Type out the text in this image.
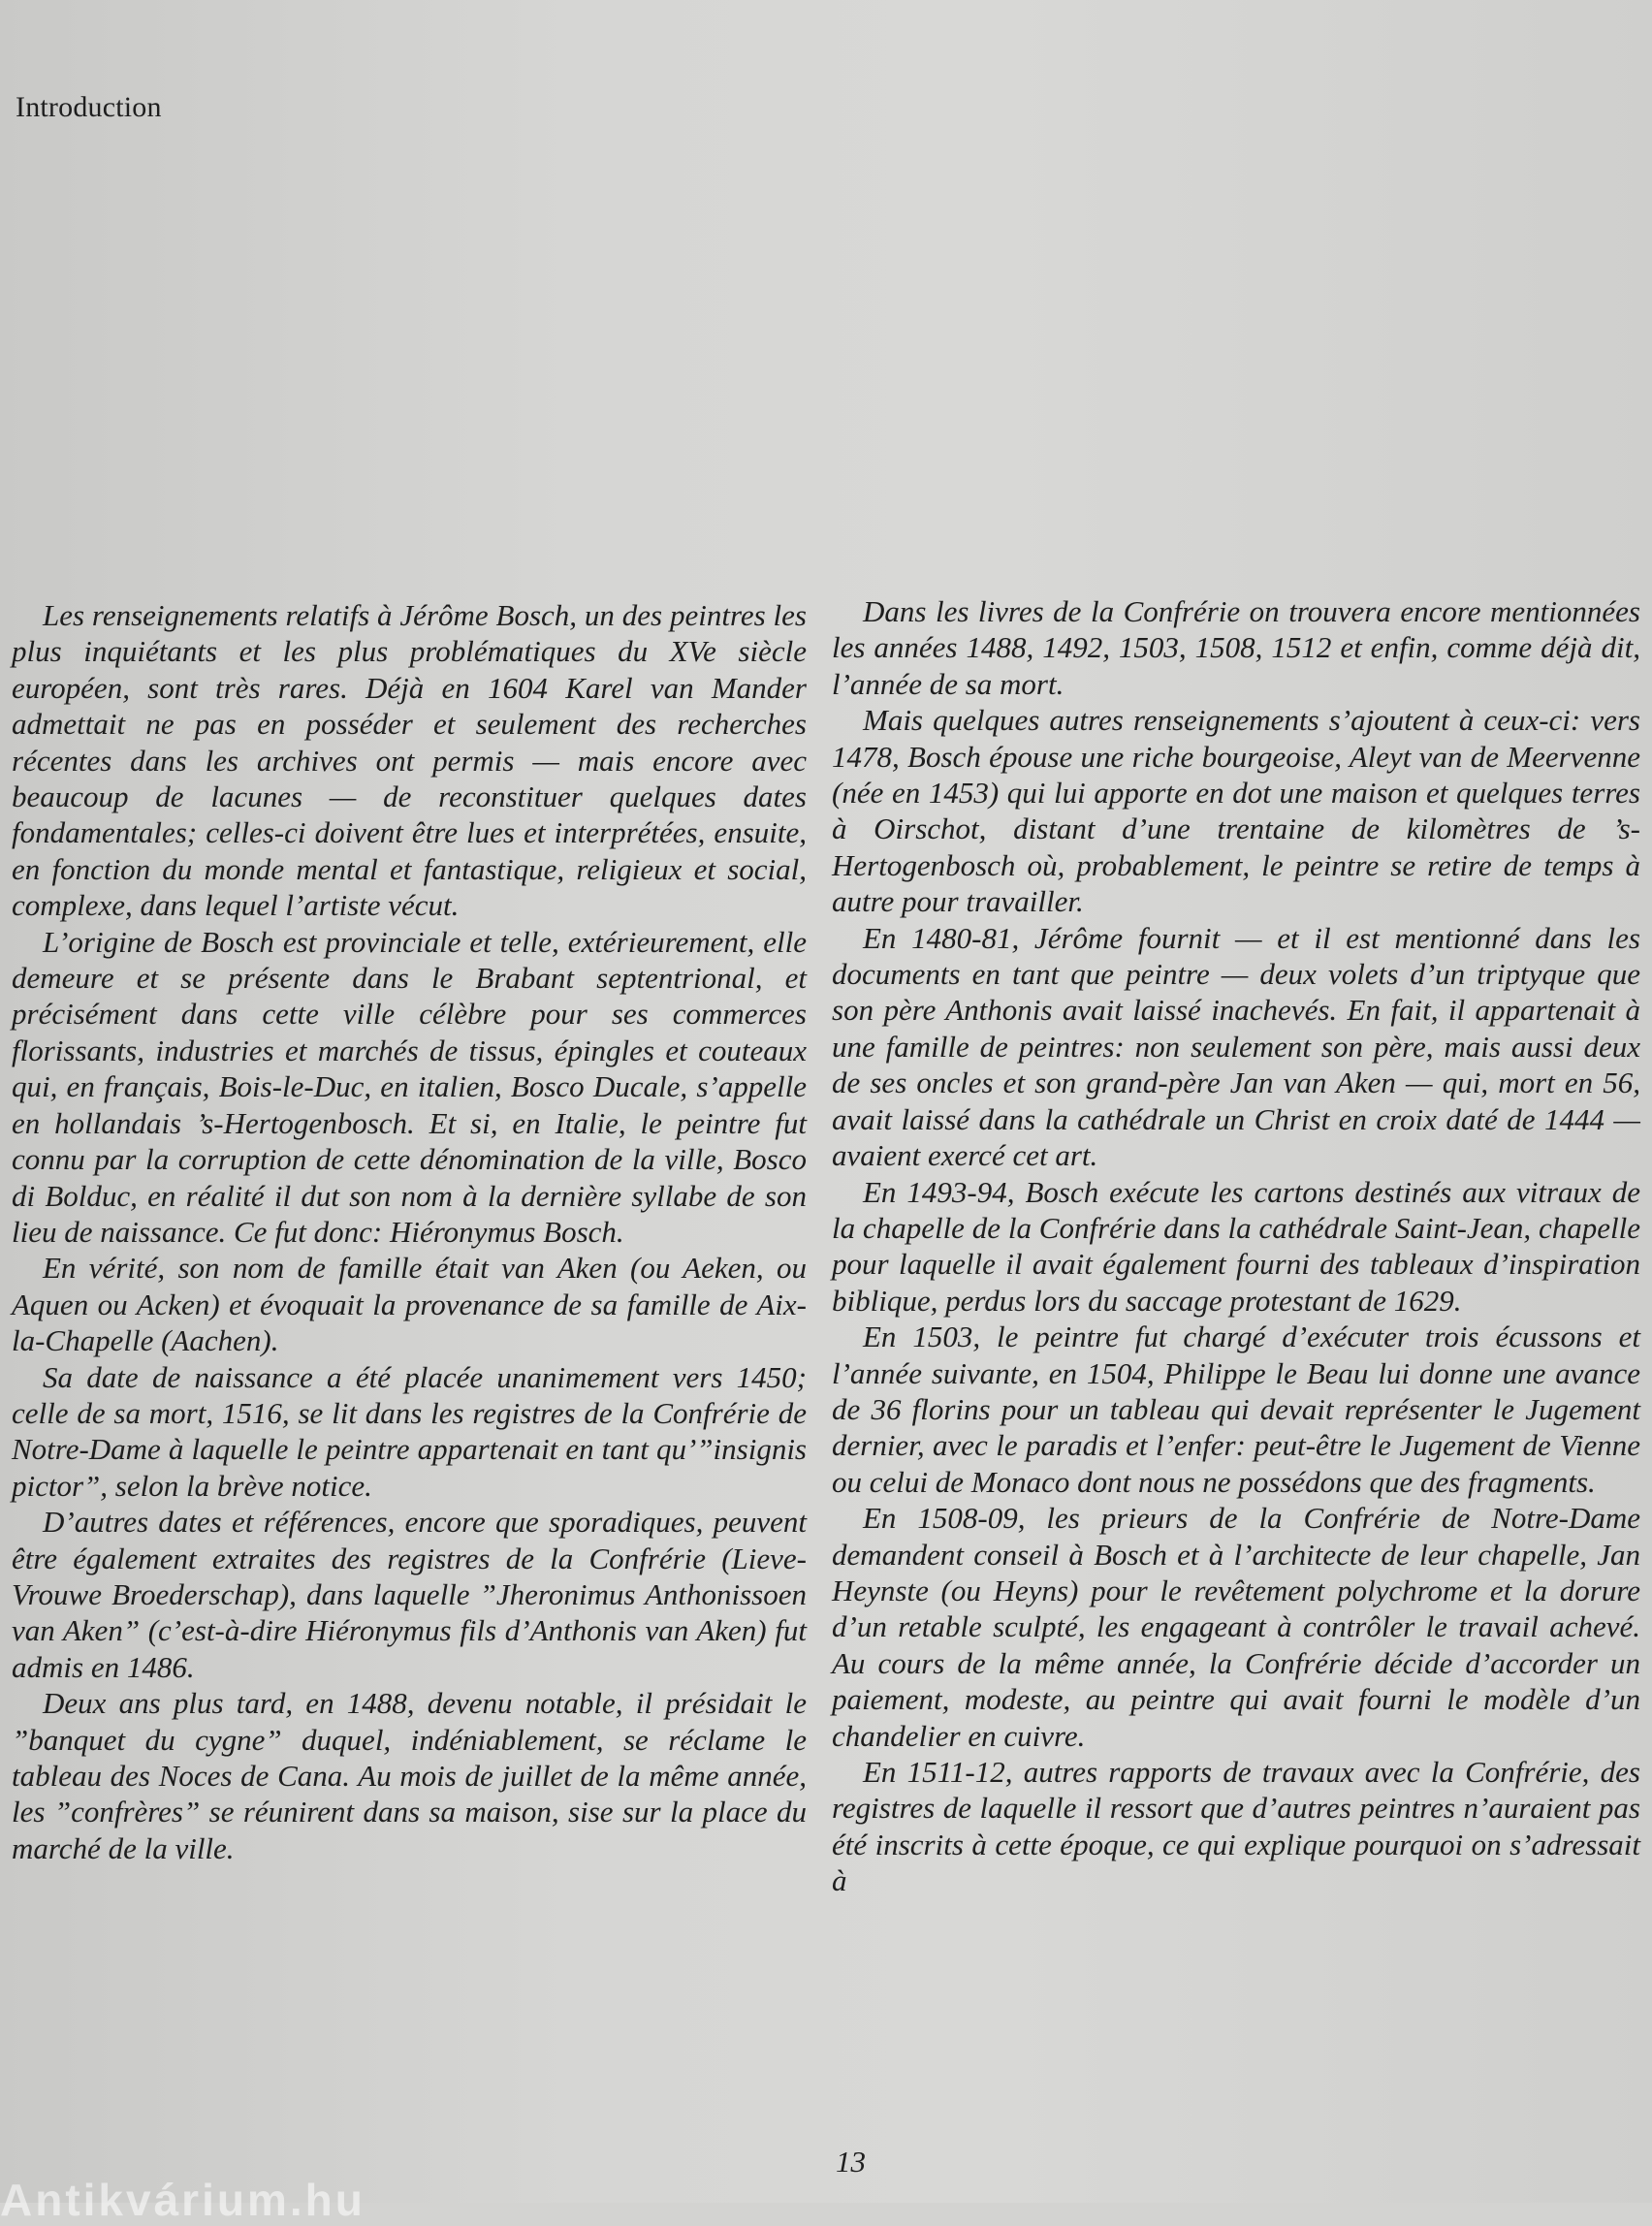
Introduction

Les renseignements relatifs à Jérôme Bosch, un des peintres les plus inquiétants et les plus problématiques du XVe siècle européen, sont très rares. Déjà en 1604 Karel van Mander admettait ne pas en posséder et seulement des recherches récentes dans les archives ont permis — mais encore avec beaucoup de lacunes — de reconstituer quelques dates fondamentales; celles-ci doivent être lues et interprétées, ensuite, en fonction du monde mental et fantastique, religieux et social, complexe, dans lequel l’artiste vécut.

L’origine de Bosch est provinciale et telle, extérieurement, elle demeure et se présente dans le Brabant septentrional, et précisément dans cette ville célèbre pour ses commerces florissants, industries et marchés de tissus, épingles et couteaux qui, en français, Bois-le-Duc, en italien, Bosco Ducale, s’appelle en hollandais ’s-Hertogenbosch. Et si, en Italie, le peintre fut connu par la corruption de cette dénomination de la ville, Bosco di Bolduc, en réalité il dut son nom à la dernière syllabe de son lieu de naissance. Ce fut donc: Hiéronymus Bosch.

En vérité, son nom de famille était van Aken (ou Aeken, ou Aquen ou Acken) et évoquait la provenance de sa famille de Aix-la-Chapelle (Aachen).

Sa date de naissance a été placée unanimement vers 1450; celle de sa mort, 1516, se lit dans les registres de la Confrérie de Notre-Dame à laquelle le peintre appartenait en tant qu’”insignis pictor”, selon la brève notice.

D’autres dates et références, encore que sporadiques, peuvent être également extraites des registres de la Confrérie (Lieve-Vrouwe Broederschap), dans laquelle ”Jheronimus Anthonissoen van Aken” (c’est-à-dire Hiéronymus fils d’Anthonis van Aken) fut admis en 1486.

Deux ans plus tard, en 1488, devenu notable, il présidait le ”banquet du cygne” duquel, indéniablement, se réclame le tableau des Noces de Cana. Au mois de juillet de la même année, les ”confrères” se réunirent dans sa maison, sise sur la place du marché de la ville.

Dans les livres de la Confrérie on trouvera encore mentionnées les années 1488, 1492, 1503, 1508, 1512 et enfin, comme déjà dit, l’année de sa mort.

Mais quelques autres renseignements s’ajoutent à ceux-ci: vers 1478, Bosch épouse une riche bourgeoise, Aleyt van de Meervenne (née en 1453) qui lui apporte en dot une maison et quelques terres à Oirschot, distant d’une trentaine de kilomètres de ’s-Hertogenbosch où, probablement, le peintre se retire de temps à autre pour travailler.

En 1480-81, Jérôme fournit — et il est mentionné dans les documents en tant que peintre — deux volets d’un triptyque que son père Anthonis avait laissé inachevés. En fait, il appartenait à une famille de peintres: non seulement son père, mais aussi deux de ses oncles et son grand-père Jan van Aken — qui, mort en 56, avait laissé dans la cathédrale un Christ en croix daté de 1444 — avaient exercé cet art.

En 1493-94, Bosch exécute les cartons destinés aux vitraux de la chapelle de la Confrérie dans la cathédrale Saint-Jean, chapelle pour laquelle il avait également fourni des tableaux d’inspiration biblique, perdus lors du saccage protestant de 1629.

En 1503, le peintre fut chargé d’exécuter trois écussons et l’année suivante, en 1504, Philippe le Beau lui donne une avance de 36 florins pour un tableau qui devait représenter le Jugement dernier, avec le paradis et l’enfer: peut-être le Jugement de Vienne ou celui de Monaco dont nous ne possédons que des fragments.

En 1508-09, les prieurs de la Confrérie de Notre-Dame demandent conseil à Bosch et à l’architecte de leur chapelle, Jan Heynste (ou Heyns) pour le revêtement polychrome et la dorure d’un retable sculpté, les engageant à contrôler le travail achevé. Au cours de la même année, la Confrérie décide d’accorder un paiement, modeste, au peintre qui avait fourni le modèle d’un chandelier en cuivre.

En 1511-12, autres rapports de travaux avec la Confrérie, des registres de laquelle il ressort que d’autres peintres n’auraient pas été inscrits à cette époque, ce qui explique pourquoi on s’adressait à

13
Antikvárium.hu
